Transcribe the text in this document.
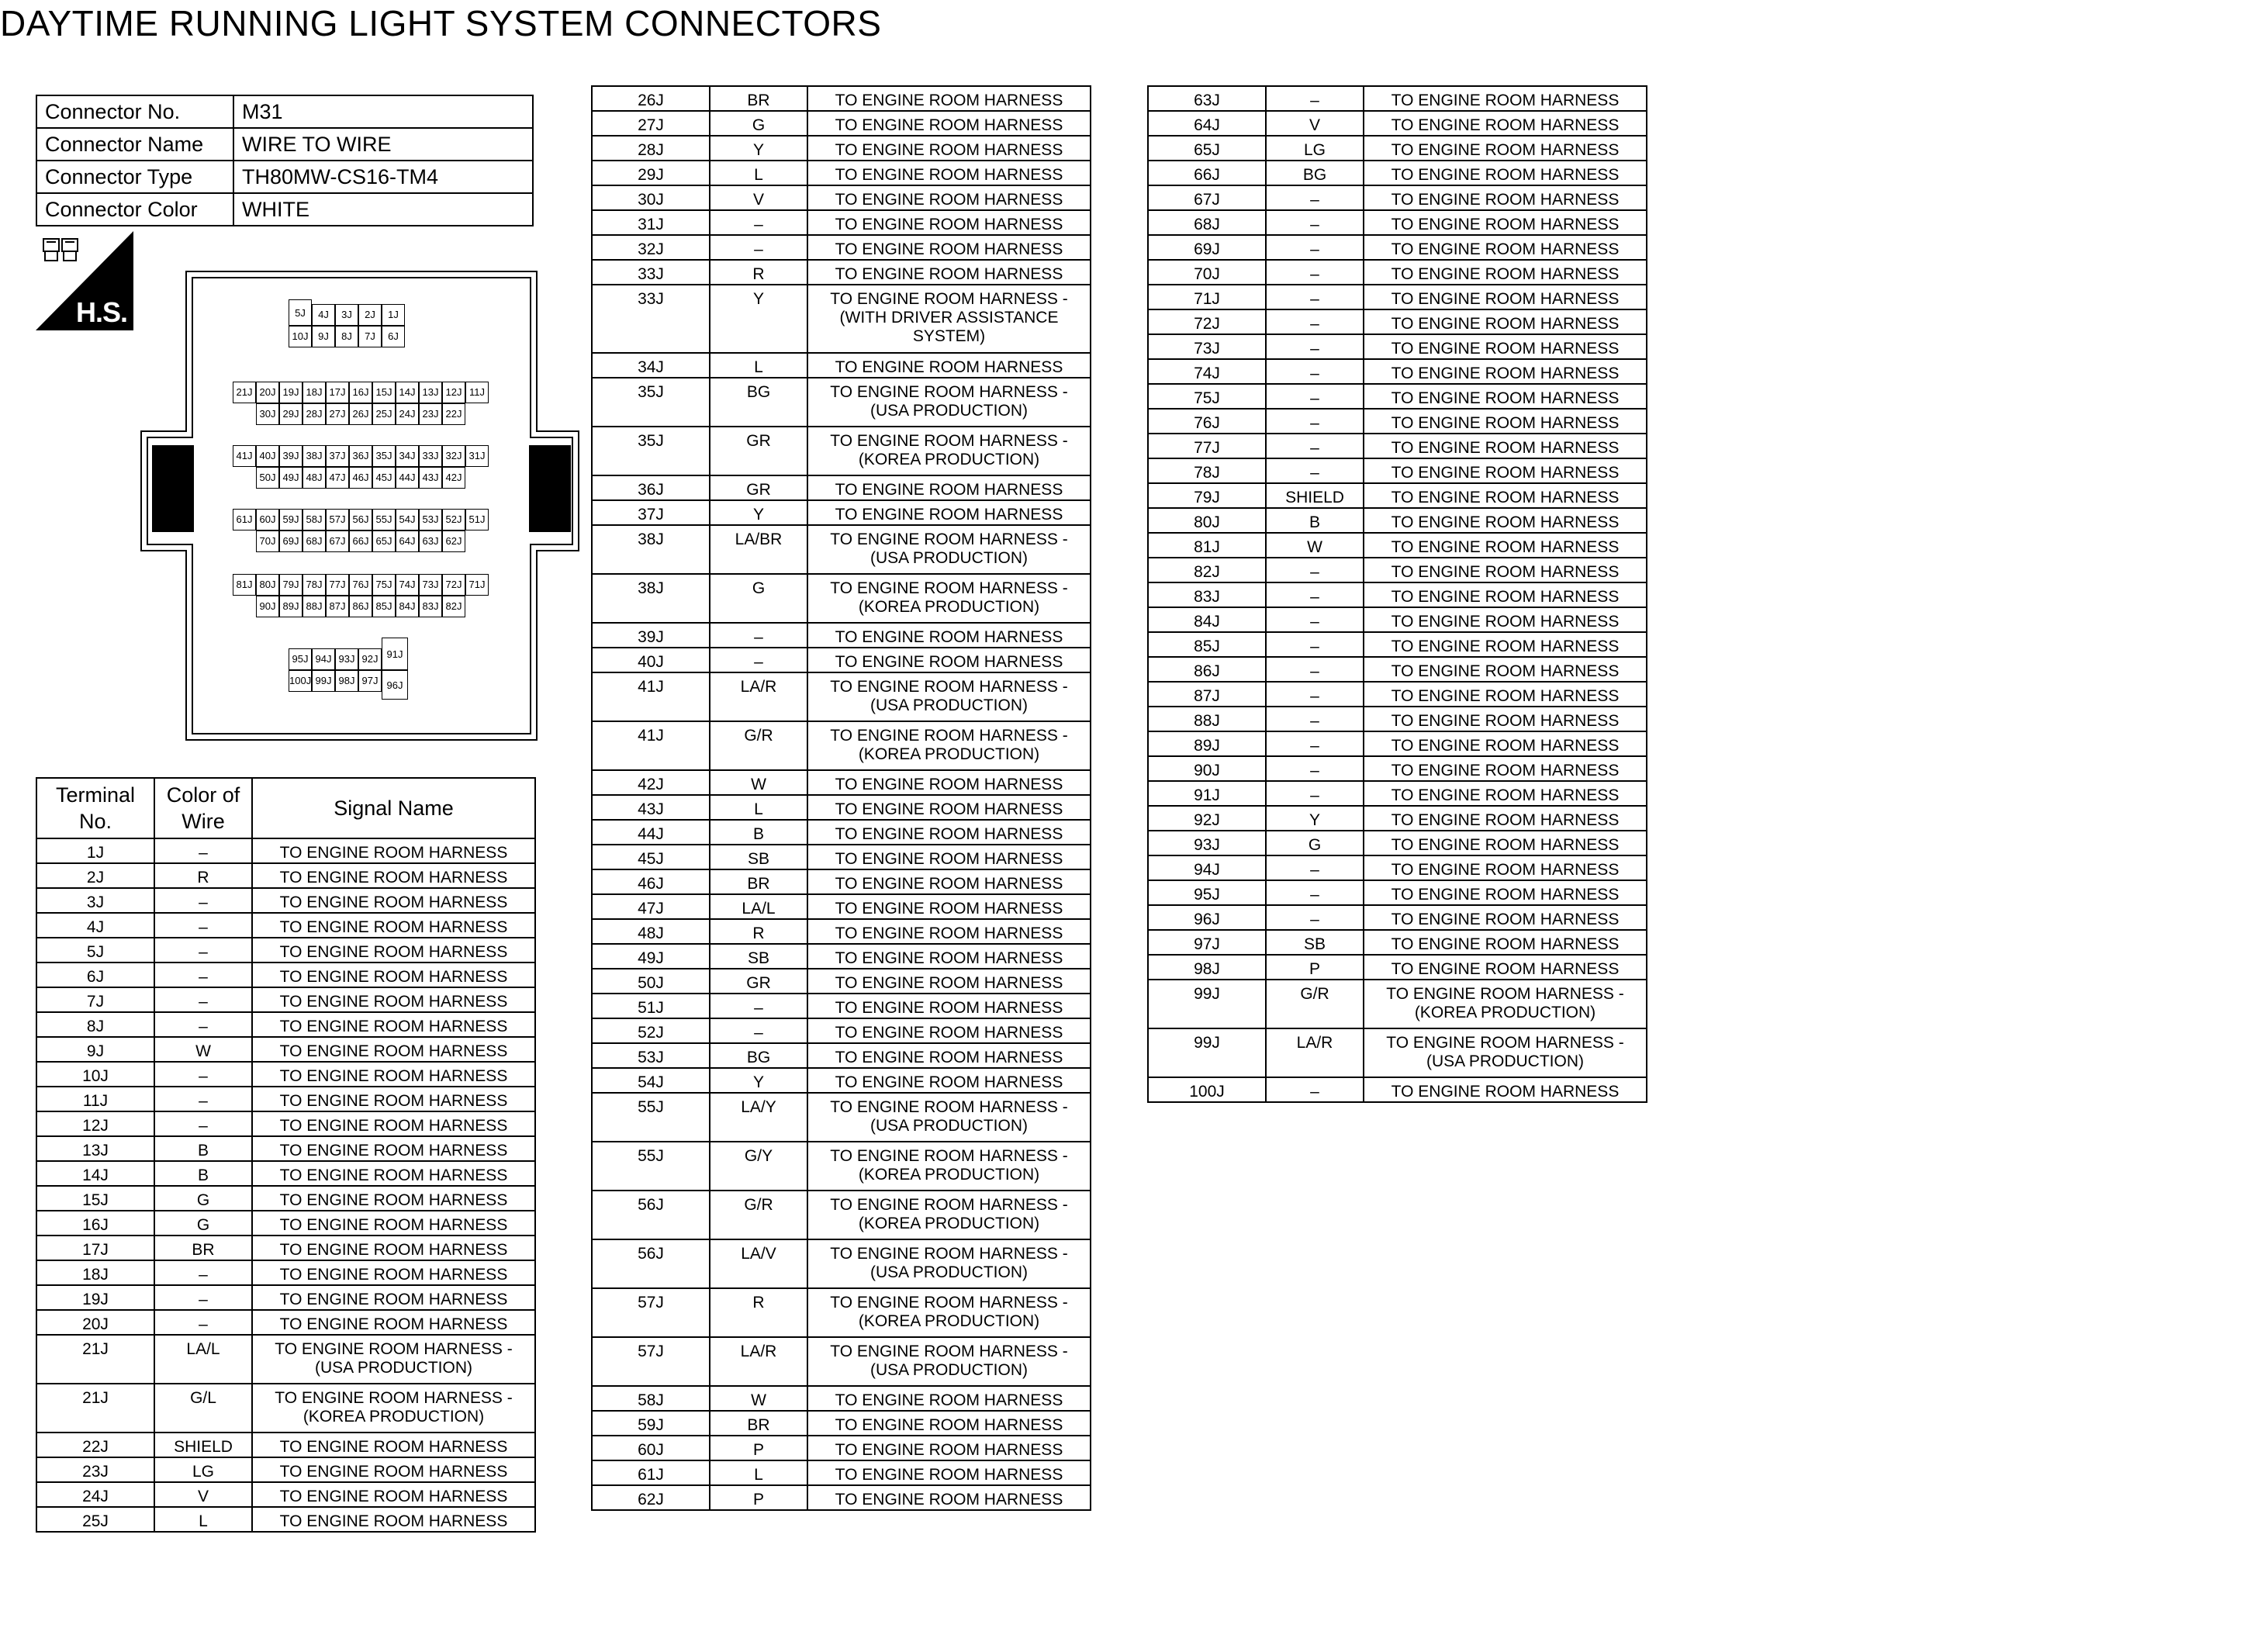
DAYTIME RUNNING LIGHT SYSTEM CONNECTORS
Connector No.	M31
Connector Name	WIRE TO WIRE
Connector Type	TH80MW-CS16-TM4
Connector Color	WHITE
H.S.	5J	4J	3J	2J	1J
10J 9J	8J	7J	6J
21J 20J 19J 18J 17J 16J 15J 14J 13J 12J 11J
30J 29J 28J 27J 26J 25J 24J 23J 22J
41J 40J 39J 38J 37J 36J 35J 34J 33J 32J 31J
50J 49J 48J 47J 46J 45J 44J 43J 42J
61J 60J 59J 58J 57J 56J 55J 54J 53J 52J 51J
70J 69J 68J 67J 66J 65J 64J 63J 62J
81J 80J 79J 78J 77J 76J 75J 74J 73J 72J 71J
90J 89J 88J 87J 86J 85J 84J 83J 82J
95J 94J 93J 92J 91J
100J 99J 98J 97J 96J
Terminal No.	Color of Wire	Signal Name
1J	–	TO ENGINE ROOM HARNESS
2J	R	TO ENGINE ROOM HARNESS
3J	–	TO ENGINE ROOM HARNESS
4J	–	TO ENGINE ROOM HARNESS
5J	–	TO ENGINE ROOM HARNESS
6J	–	TO ENGINE ROOM HARNESS
7J	–	TO ENGINE ROOM HARNESS
8J	–	TO ENGINE ROOM HARNESS
9J	W	TO ENGINE ROOM HARNESS
10J	–	TO ENGINE ROOM HARNESS
11J	–	TO ENGINE ROOM HARNESS
12J	–	TO ENGINE ROOM HARNESS
13J	B	TO ENGINE ROOM HARNESS
14J	B	TO ENGINE ROOM HARNESS
15J	G	TO ENGINE ROOM HARNESS
16J	G	TO ENGINE ROOM HARNESS
17J	BR	TO ENGINE ROOM HARNESS
18J	–	TO ENGINE ROOM HARNESS
19J	–	TO ENGINE ROOM HARNESS
20J	–	TO ENGINE ROOM HARNESS
21J	LA/L	TO ENGINE ROOM HARNESS -
(USA PRODUCTION)
21J	G/L	TO ENGINE ROOM HARNESS -
(KOREA PRODUCTION)
22J	SHIELD	TO ENGINE ROOM HARNESS
23J	LG	TO ENGINE ROOM HARNESS
24J	V	TO ENGINE ROOM HARNESS
25J	L	TO ENGINE ROOM HARNESS
26J	BR	TO ENGINE ROOM HARNESS
27J	G	TO ENGINE ROOM HARNESS
28J	Y	TO ENGINE ROOM HARNESS
29J	L	TO ENGINE ROOM HARNESS
30J	V	TO ENGINE ROOM HARNESS
31J	–	TO ENGINE ROOM HARNESS
32J	–	TO ENGINE ROOM HARNESS
33J	R	TO ENGINE ROOM HARNESS
33J	Y	TO ENGINE ROOM HARNESS -
(WITH DRIVER ASSISTANCE
SYSTEM)
34J	L	TO ENGINE ROOM HARNESS
35J	BG	TO ENGINE ROOM HARNESS -
(USA PRODUCTION)
35J	GR	TO ENGINE ROOM HARNESS -
(KOREA PRODUCTION)
36J	GR	TO ENGINE ROOM HARNESS
37J	Y	TO ENGINE ROOM HARNESS
38J	LA/BR	TO ENGINE ROOM HARNESS -
(USA PRODUCTION)
38J	G	TO ENGINE ROOM HARNESS -
(KOREA PRODUCTION)
39J	–	TO ENGINE ROOM HARNESS
40J	–	TO ENGINE ROOM HARNESS
41J	LA/R	TO ENGINE ROOM HARNESS -
(USA PRODUCTION)
41J	G/R	TO ENGINE ROOM HARNESS -
(KOREA PRODUCTION)
42J	W	TO ENGINE ROOM HARNESS
43J	L	TO ENGINE ROOM HARNESS
44J	B	TO ENGINE ROOM HARNESS
45J	SB	TO ENGINE ROOM HARNESS
46J	BR	TO ENGINE ROOM HARNESS
47J	LA/L	TO ENGINE ROOM HARNESS
48J	R	TO ENGINE ROOM HARNESS
49J	SB	TO ENGINE ROOM HARNESS
50J	GR	TO ENGINE ROOM HARNESS
51J	–	TO ENGINE ROOM HARNESS
52J	–	TO ENGINE ROOM HARNESS
53J	BG	TO ENGINE ROOM HARNESS
54J	Y	TO ENGINE ROOM HARNESS
55J	LA/Y	TO ENGINE ROOM HARNESS -
(USA PRODUCTION)
55J	G/Y	TO ENGINE ROOM HARNESS -
(KOREA PRODUCTION)
56J	G/R	TO ENGINE ROOM HARNESS -
(KOREA PRODUCTION)
56J	LA/V	TO ENGINE ROOM HARNESS -
(USA PRODUCTION)
57J	R	TO ENGINE ROOM HARNESS -
(KOREA PRODUCTION)
57J	LA/R	TO ENGINE ROOM HARNESS -
(USA PRODUCTION)
58J	W	TO ENGINE ROOM HARNESS
59J	BR	TO ENGINE ROOM HARNESS
60J	P	TO ENGINE ROOM HARNESS
61J	L	TO ENGINE ROOM HARNESS
62J	P	TO ENGINE ROOM HARNESS
63J	–	TO ENGINE ROOM HARNESS
64J	V	TO ENGINE ROOM HARNESS
65J	LG	TO ENGINE ROOM HARNESS
66J	BG	TO ENGINE ROOM HARNESS
67J	–	TO ENGINE ROOM HARNESS
68J	–	TO ENGINE ROOM HARNESS
69J	–	TO ENGINE ROOM HARNESS
70J	–	TO ENGINE ROOM HARNESS
71J	–	TO ENGINE ROOM HARNESS
72J	–	TO ENGINE ROOM HARNESS
73J	–	TO ENGINE ROOM HARNESS
74J	–	TO ENGINE ROOM HARNESS
75J	–	TO ENGINE ROOM HARNESS
76J	–	TO ENGINE ROOM HARNESS
77J	–	TO ENGINE ROOM HARNESS
78J	–	TO ENGINE ROOM HARNESS
79J	SHIELD	TO ENGINE ROOM HARNESS
80J	B	TO ENGINE ROOM HARNESS
81J	W	TO ENGINE ROOM HARNESS
82J	–	TO ENGINE ROOM HARNESS
83J	–	TO ENGINE ROOM HARNESS
84J	–	TO ENGINE ROOM HARNESS
85J	–	TO ENGINE ROOM HARNESS
86J	–	TO ENGINE ROOM HARNESS
87J	–	TO ENGINE ROOM HARNESS
88J	–	TO ENGINE ROOM HARNESS
89J	–	TO ENGINE ROOM HARNESS
90J	–	TO ENGINE ROOM HARNESS
91J	–	TO ENGINE ROOM HARNESS
92J	Y	TO ENGINE ROOM HARNESS
93J	G	TO ENGINE ROOM HARNESS
94J	–	TO ENGINE ROOM HARNESS
95J	–	TO ENGINE ROOM HARNESS
96J	–	TO ENGINE ROOM HARNESS
97J	SB	TO ENGINE ROOM HARNESS
98J	P	TO ENGINE ROOM HARNESS
99J	G/R	TO ENGINE ROOM HARNESS -
(KOREA PRODUCTION)
99J	LA/R	TO ENGINE ROOM HARNESS -
(USA PRODUCTION)
100J	–	TO ENGINE ROOM HARNESS
